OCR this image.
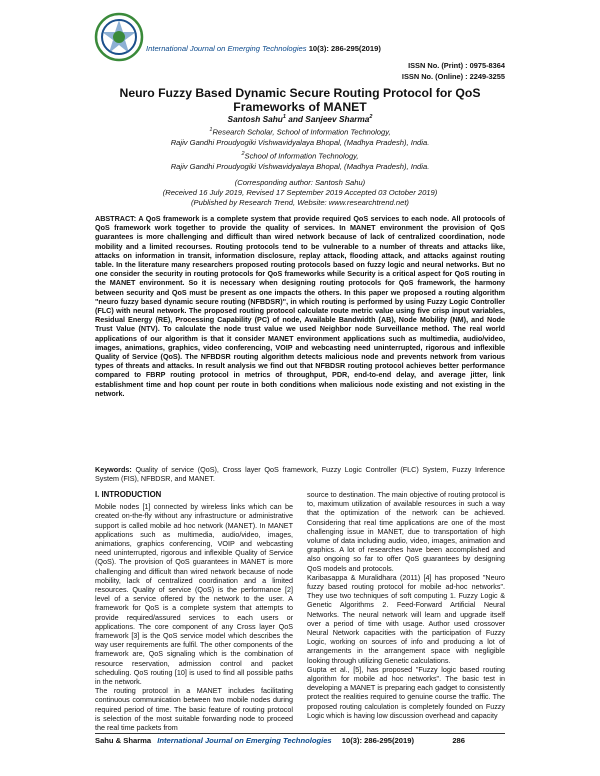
International Journal on Emerging Technologies 10(3): 286-295(2019)
ISSN No. (Print) : 0975-8364
ISSN No. (Online) : 2249-3255
Neuro Fuzzy Based Dynamic Secure Routing Protocol for QoS Frameworks of MANET
Santosh Sahu$^1$ and Sanjeev Sharma$^2$
$^1$Research Scholar, School of Information Technology,
Rajiv Gandhi Proudyogiki Vishwavidyalaya Bhopal, (Madhya Pradesh), India.
$^2$School of Information Technology,
Rajiv Gandhi Proudyogiki Vishwavidyalaya Bhopal, (Madhya Pradesh), India.
(Corresponding author: Santosh Sahu)
(Received 16 July 2019, Revised 17 September 2019 Accepted 03 October 2019)
(Published by Research Trend, Website: www.researchtrend.net)
ABSTRACT: A QoS framework is a complete system that provide required QoS services to each node. All protocols of QoS framework work together to provide the quality of services. In MANET environment the provision of QoS guarantees is more challenging and difficult than wired network because of lack of centralized coordination, node mobility and a limited recourses. Routing protocols tend to be vulnerable to a number of threats and attacks like, attacks on information in transit, information disclosure, replay attack, flooding attack, and attacks against routing table. In the literature many researchers proposed routing protocols based on fuzzy logic and neural networks. But no one consider the security in routing protocols for QoS frameworks while Security is a critical aspect for QoS routing in the MANET environment. So it is necessary when designing routing protocols for QoS framework, the harmony between security and QoS must be present as one impacts the others. In this paper we proposed a routing algorithm "neuro fuzzy based dynamic secure routing (NFBDSR)", in which routing is performed by using Fuzzy Logic Controller (FLC) with neural network. The proposed routing protocol calculate route metric value using five crisp input variables, Residual Energy (RE), Processing Capability (PC) of node, Available Bandwidth (AB), Node Mobility (NM), and Node Trust Value (NTV). To calculate the node trust value we used Neighbor node Surveillance method. The real world applications of our algorithm is that it consider MANET environment applications such as multimedia, audio/video, images, animations, graphics, video conferencing, VOIP and webcasting need uninterrupted, rigorous and inflexible Quality of Service (QoS). The NFBDSR routing algorithm detects malicious node and prevents network from various types of threats and attacks. In result analysis we find out that NFBDSR routing protocol achieves better performance compared to FBRP routing protocol in metrics of throughput, PDR, end-to-end delay, and average jitter, link establishment time and hop count per route in both conditions when malicious node existing and not existing in the network.
Keywords: Quality of service (QoS), Cross layer QoS framework, Fuzzy Logic Controller (FLC) System, Fuzzy Inference System (FIS), NFBDSR, and MANET.
I. INTRODUCTION

Mobile nodes [1] connected by wireless links which can be created on-the-fly without any infrastructure or administrative support is called mobile ad hoc network (MANET). In MANET applications such as multimedia, audio/video, images, animations, graphics conferencing, VOIP and webcasting need uninterrupted, rigorous and inflexible Quality of Service (QoS). The provision of QoS guarantees in MANET is more challenging and difficult than wired network because of node mobility, lack of centralized coordination and a limited resources. Quality of service (QoS) is the performance [2] level of a service offered by the network to the user. A framework for QoS is a complete system that attempts to provide required/assured services to each users or applications. The core component of any Cross layer QoS framework [3] is the QoS service model which describes the way user requirements are fulfil. The other components of the framework are, QoS signaling which is the combination of resource reservation, admission control and packet scheduling. QoS routing [10] is used to find all possible paths in the network.

The routing protocol in a MANET includes facilitating continuous communication between two mobile nodes during required period of time. The basic feature of routing protocol is selection of the most suitable forwarding node to proceed the real time packets from

source to destination. The main objective of routing protocol is to, maximum utilization of available resources in such a way that the optimization of the network can be achieved. Considering that real time applications are one of the most challenging issue in MANET, due to transportation of high volume of data including audio, video, images, animation and graphics. A lot of researches have been accomplished and also ongoing so far to offer QoS guarantees by designing QoS models and protocols.

Karibasappa & Muralidhara (2011) [4] has proposed "Neuro fuzzy based routing protocol for mobile ad-hoc networks". They use two techniques of soft computing 1. Fuzzy Logic & Genetic Algorithms 2. Feed-Forward Artificial Neural Networks. The neural network will learn and upgrade itself over a period of time with usage. Author used crossover Neural Network capacities with the participation of Fuzzy Logic, working on sources of info and producing a lot of arrangements in the arrangement space with negligible looking through utilizing Genetic calculations.

Gupta et al., [5], has proposed "Fuzzy logic based routing algorithm for mobile ad hoc networks". The basic test in developing a MANET is preparing each gadget to consistently protect the realities required to genuine course the traffic. The proposed routing calculation is completely founded on Fuzzy Logic which is having low discussion overhead and capacity

Sahu & Sharma International Journal on Emerging Technologies 10(3): 286-295(2019)	286
